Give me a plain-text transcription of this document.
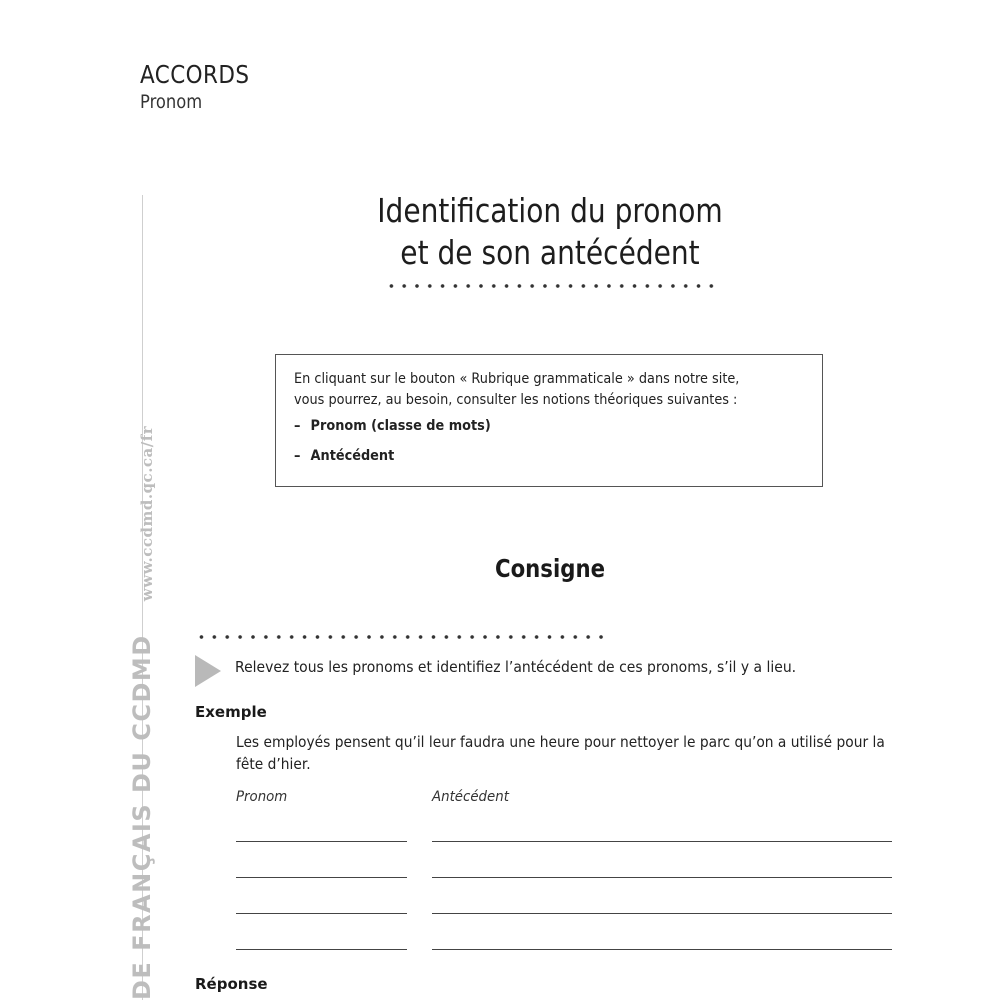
ACCORDS
Pronom
DE FRANÇAIS DU CCDMD www.ccdmd.qc.ca/fr
Identification du pronom
et de son antécédent
En cliquant sur le bouton « Rubrique grammaticale » dans notre site,
vous pourrez, au besoin, consulter les notions théoriques suivantes :
– Pronom (classe de mots)
– Antécédent
Consigne
Relevez tous les pronoms et identifiez l’antécédent de ces pronoms, s’il y a lieu.
Exemple
Les employés pensent qu’il leur faudra une heure pour nettoyer le parc qu’on a utilisé pour la fête d’hier.
Pronom	Antécédent
Réponse
